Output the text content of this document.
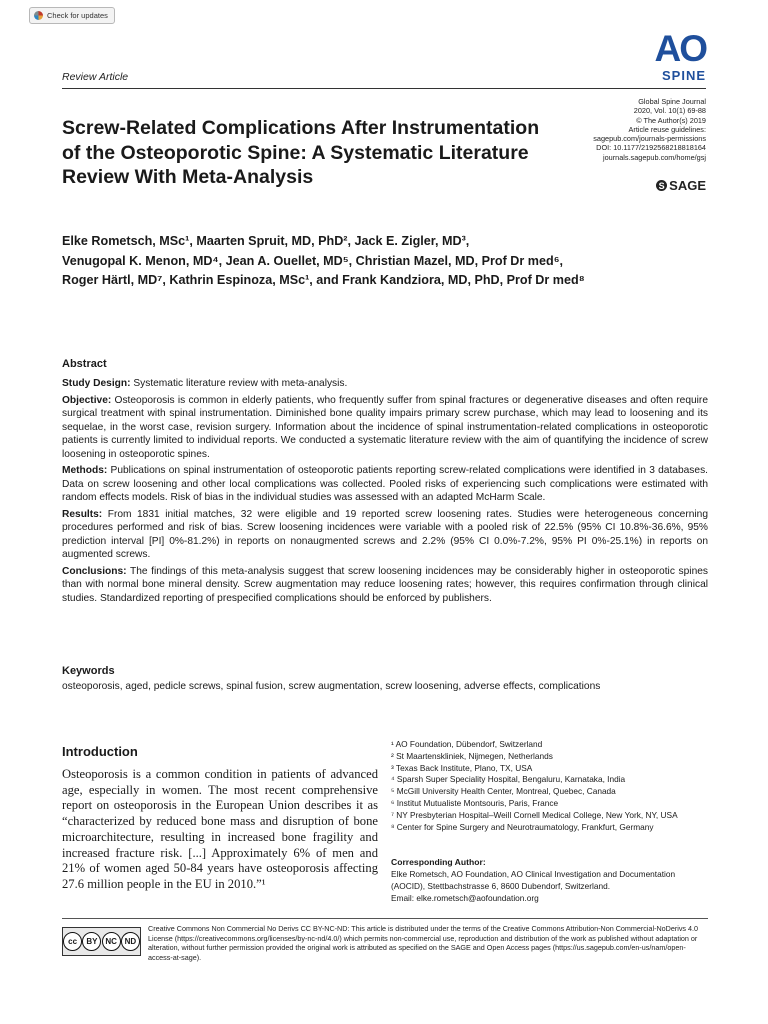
Check for updates
AO
SPINE
Review Article
Screw-Related Complications After Instrumentation of the Osteoporotic Spine: A Systematic Literature Review With Meta-Analysis
Global Spine Journal
2020, Vol. 10(1) 69-88
© The Author(s) 2019
Article reuse guidelines:
sagepub.com/journals-permissions
DOI: 10.1177/2192568218818164
journals.sagepub.com/home/gsj
S SAGE
Elke Rometsch, MSc¹, Maarten Spruit, MD, PhD², Jack E. Zigler, MD³,
Venugopal K. Menon, MD⁴, Jean A. Ouellet, MD⁵, Christian Mazel, MD, Prof Dr med⁶,
Roger Härtl, MD⁷, Kathrin Espinoza, MSc¹, and Frank Kandziora, MD, PhD, Prof Dr med⁸
Abstract

Study Design: Systematic literature review with meta-analysis.

Objective: Osteoporosis is common in elderly patients, who frequently suffer from spinal fractures or degenerative diseases and often require surgical treatment with spinal instrumentation. Diminished bone quality impairs primary screw purchase, which may lead to loosening and its sequelae, in the worst case, revision surgery. Information about the incidence of spinal instrumentation-related complications in osteoporotic patients is currently limited to individual reports. We conducted a systematic literature review with the aim of quantifying the incidence of screw loosening in osteoporotic spines.

Methods: Publications on spinal instrumentation of osteoporotic patients reporting screw-related complications were identified in 3 databases. Data on screw loosening and other local complications was collected. Pooled risks of experiencing such complications were estimated with random effects models. Risk of bias in the individual studies was assessed with an adapted McHarm Scale.

Results: From 1831 initial matches, 32 were eligible and 19 reported screw loosening rates. Studies were heterogeneous concerning procedures performed and risk of bias. Screw loosening incidences were variable with a pooled risk of 22.5% (95% CI 10.8%-36.6%, 95% prediction interval [PI] 0%-81.2%) in reports on nonaugmented screws and 2.2% (95% CI 0.0%-7.2%, 95% PI 0%-25.1%) in reports on augmented screws.

Conclusions: The findings of this meta-analysis suggest that screw loosening incidences may be considerably higher in osteoporotic spines than with normal bone mineral density. Screw augmentation may reduce loosening rates; however, this requires confirmation through clinical studies. Standardized reporting of prespecified complications should be enforced by publishers.

Keywords
osteoporosis, aged, pedicle screws, spinal fusion, screw augmentation, screw loosening, adverse effects, complications
Introduction
Osteoporosis is a common condition in patients of advanced age, especially in women. The most recent comprehensive report on osteoporosis in the European Union describes it as “characterized by reduced bone mass and disruption of bone microarchitecture, resulting in increased bone fragility and increased fracture risk. [...] Approximately 6% of men and 21% of women aged 50-84 years have osteoporosis affecting 27.6 million people in the EU in 2010.”¹
¹ AO Foundation, Dübendorf, Switzerland
² St Maartenskliniek, Nijmegen, Netherlands
³ Texas Back Institute, Plano, TX, USA
⁴ Sparsh Super Speciality Hospital, Bengaluru, Karnataka, India
⁵ McGill University Health Center, Montreal, Quebec, Canada
⁶ Institut Mutualiste Montsouris, Paris, France
⁷ NY Presbyterian Hospital–Weill Cornell Medical College, New York, NY, USA
⁸ Center for Spine Surgery and Neurotraumatology, Frankfurt, Germany
Corresponding Author:
Elke Rometsch, AO Foundation, AO Clinical Investigation and Documentation
(AOCID), Stettbachstrasse 6, 8600 Dubendorf, Switzerland.
Email: elke.rometsch@aofoundation.org
cc	BY NC ND
Creative Commons Non Commercial No Derivs CC BY-NC-ND: This article is distributed under the terms of the Creative Commons Attribution-Non Commercial-NoDerivs 4.0 License (https://creativecommons.org/licenses/by-nc-nd/4.0/) which permits non-commercial use, reproduction and distribution of the work as published without adaptation or alteration, without further permission provided the original work is attributed as specified on the SAGE and Open Access pages (https://us.sagepub.com/en-us/nam/open-access-at-sage).
